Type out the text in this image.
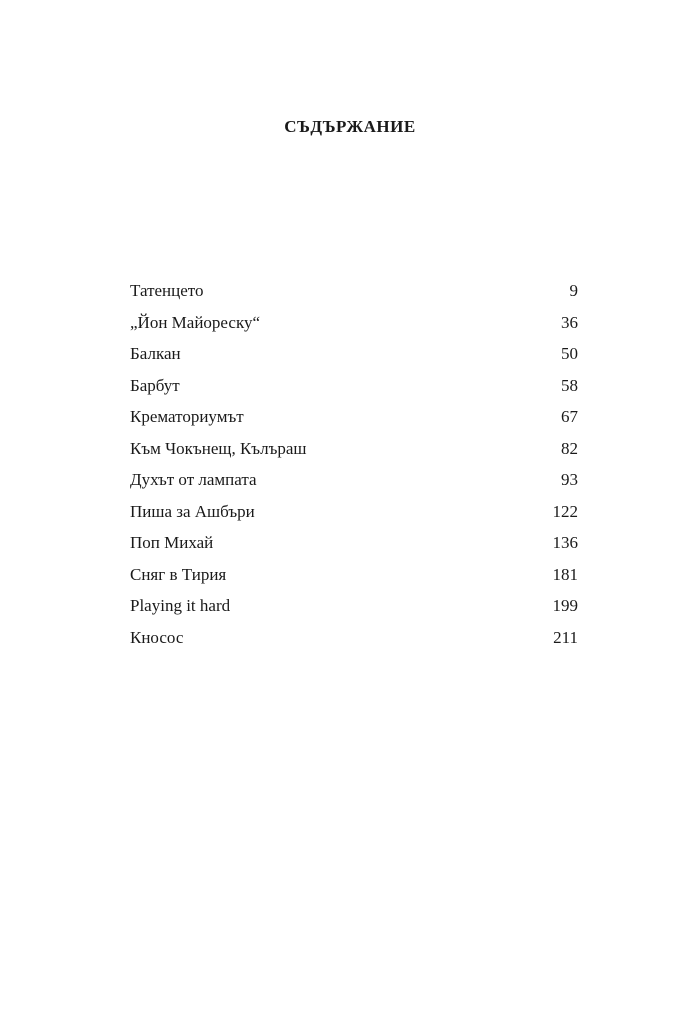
СЪДЪРЖАНИЕ
Татенцето	9
„Йон Майореску“	36
Балкан	50
Барбут	58
Крематориумът	67
Към Чокънещ, Кълъраш	82
Духът от лампата	93
Пиша за Ашбъри	122
Поп Михай	136
Сняг в Тирия	181
Playing it hard	199
Кносос	211
